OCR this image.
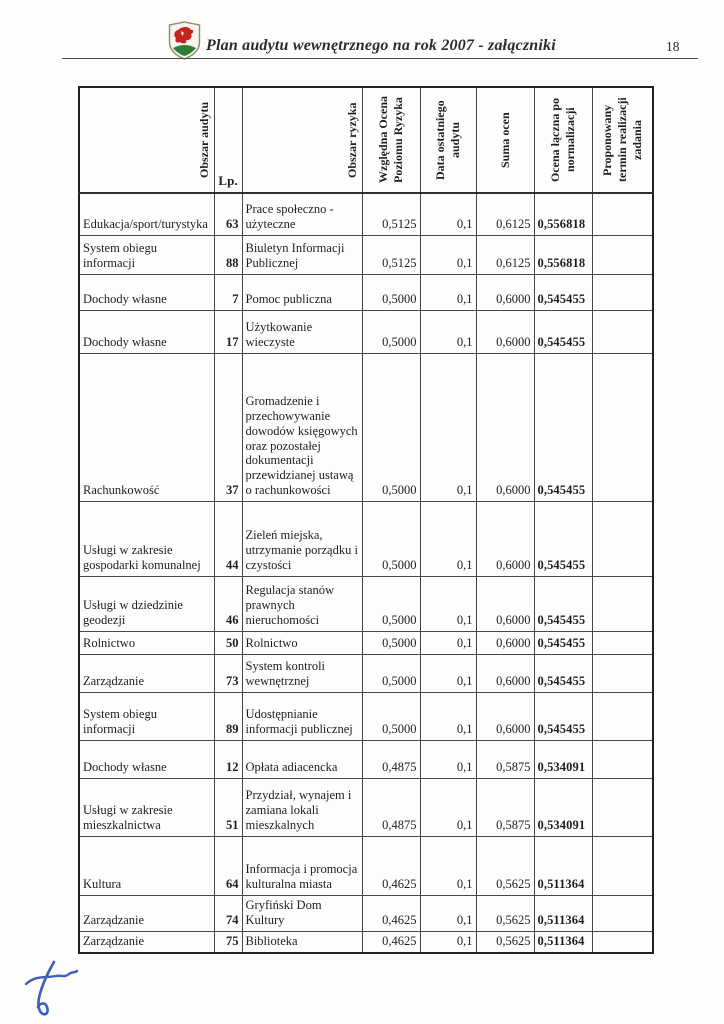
Plan audytu wewnętrznego na rok 2007 - załączniki	18
Obszar audytu	Lp.	Obszar ryzyka	Względna Ocena Poziomu Ryzyka	Data ostatniego audytu	Suma ocen	Ocena łączna po normalizacji	Proponowany termin realizacji zadania

Edukacja/sport/turystyka	63	Prace społeczno - użyteczne	0,5125	0,1	0,6125	0,556818	
System obiegu informacji	88	Biuletyn Informacji Publicznej	0,5125	0,1	0,6125	0,556818	
Dochody własne	7	Pomoc publiczna	0,5000	0,1	0,6000	0,545455	
Dochody własne	17	Użytkowanie wieczyste	0,5000	0,1	0,6000	0,545455	
Rachunkowość	37	Gromadzenie i przechowywanie dowodów księgowych oraz pozostałej dokumentacji przewidzianej ustawą o rachunkowości	0,5000	0,1	0,6000	0,545455	
Usługi w zakresie gospodarki komunalnej	44	Zieleń miejska, utrzymanie porządku i czystości	0,5000	0,1	0,6000	0,545455	
Usługi w dziedzinie geodezji	46	Regulacja stanów prawnych nieruchomości	0,5000	0,1	0,6000	0,545455	
Rolnictwo	50	Rolnictwo	0,5000	0,1	0,6000	0,545455	
Zarządzanie	73	System kontroli wewnętrznej	0,5000	0,1	0,6000	0,545455	
System obiegu informacji	89	Udostępnianie informacji publicznej	0,5000	0,1	0,6000	0,545455	
Dochody własne	12	Opłata adiacencka	0,4875	0,1	0,5875	0,534091	
Usługi w zakresie mieszkalnictwa	51	Przydział, wynajem i zamiana lokali mieszkalnych	0,4875	0,1	0,5875	0,534091	
Kultura	64	Informacja i promocja kulturalna miasta	0,4625	0,1	0,5625	0,511364	
Zarządzanie	74	Gryfiński Dom Kultury	0,4625	0,1	0,5625	0,511364	
Zarządzanie	75	Biblioteka	0,4625	0,1	0,5625	0,511364	
